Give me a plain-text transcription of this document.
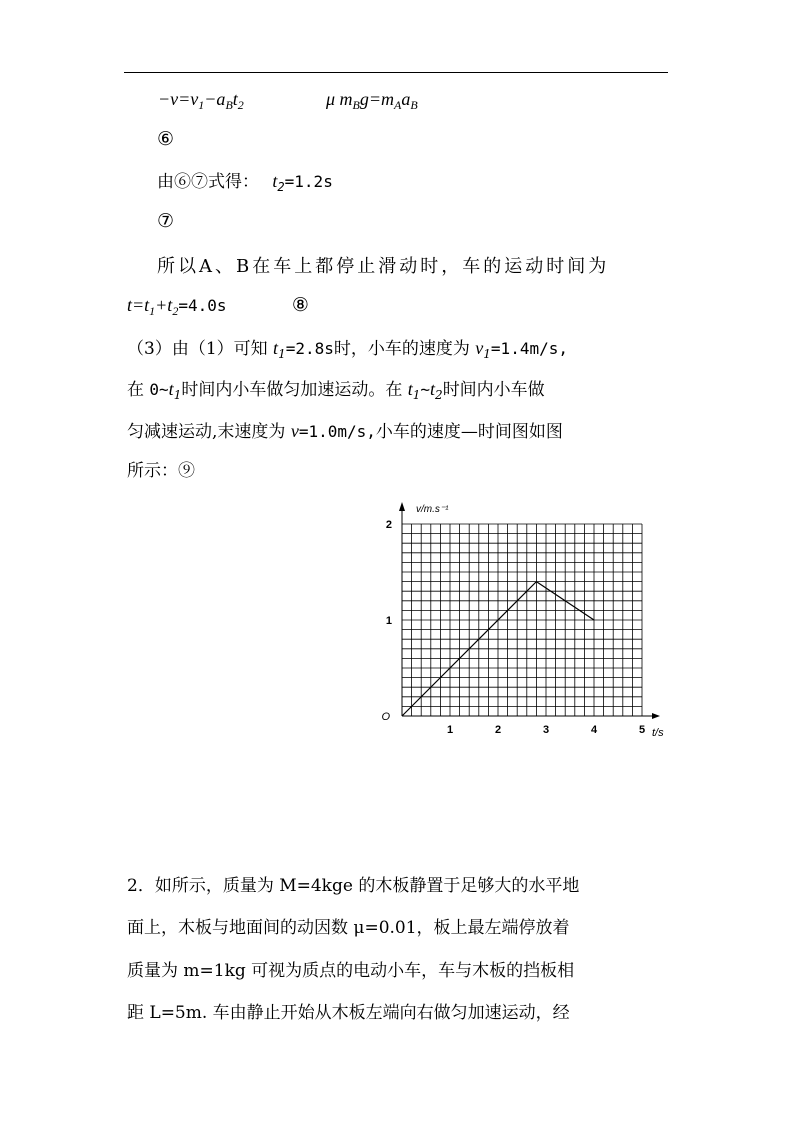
$-v=v_1-a_Bt_2$	μ $m_Bg=m_Aa_B$
⑥
由⑥⑦式得： $t_2=1.2s$
⑦
所以A、B在车上都停止滑动时，车的运动时间为
$t=t_1+t_2=4.0s$	⑧
（3）由（1）可知 $t_1=2.8s$时，小车的速度为 $v_1=1.4m/s$,
在 $0\sim t_1$时间内小车做匀加速运动。在 $t_1\sim t_2$时间内小车做
匀减速运动,末速度为 v=1.0m/s,小车的速度—时间图如图
所示：⑨
1	2	3	4	5
1
2
O
t/s
v/m.s⁻¹
2．如所示，质量为 M=4kge 的木板静置于足够大的水平地
面上，木板与地面间的动因数 μ=0.01，板上最左端停放着
质量为 m=1kg 可视为质点的电动小车，车与木板的挡板相
距 L=5m. 车由静止开始从木板左端向右做匀加速运动，经
